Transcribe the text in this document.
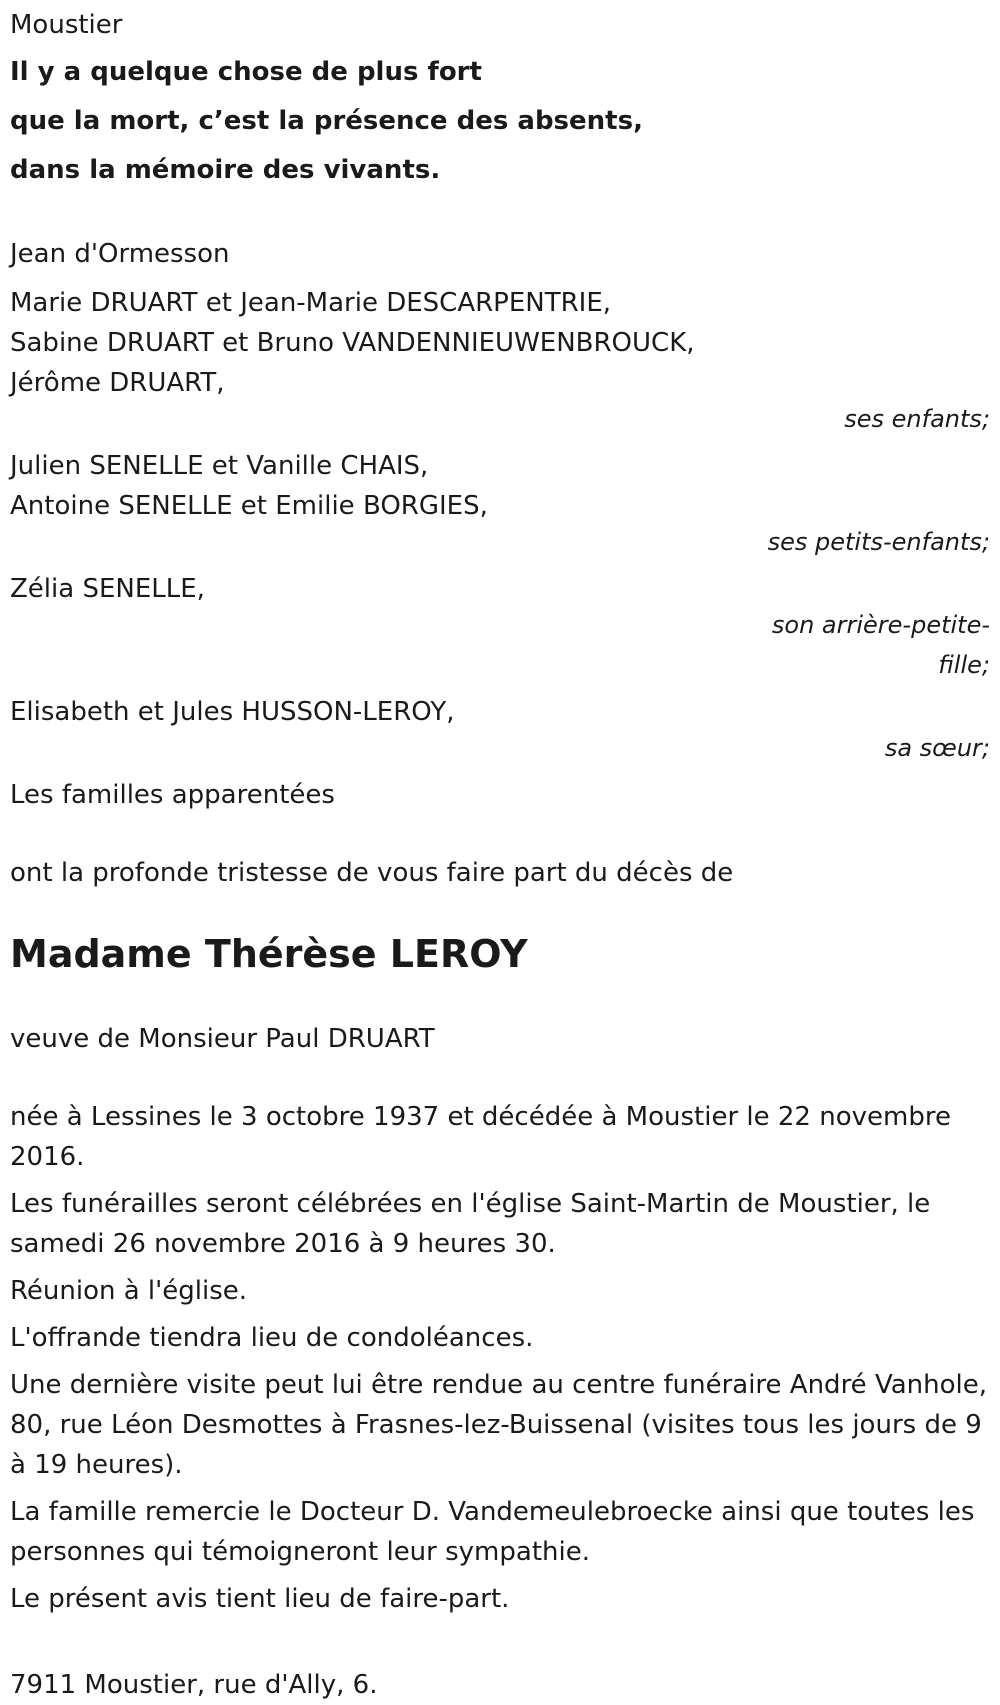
Moustier

Il y a quelque chose de plus fort

que la mort, c’est la présence des absents,

dans la mémoire des vivants.

Jean d'Ormesson

Marie DRUART et Jean-Marie DESCARPENTRIE,

Sabine DRUART et Bruno VANDENNIEUWENBROUCK,

Jérôme DRUART,

ses enfants;

Julien SENELLE et Vanille CHAIS,

Antoine SENELLE et Emilie BORGIES,

ses petits-enfants;

Zélia SENELLE,

son arrière-petite-fille;

Elisabeth et Jules HUSSON-LEROY,

sa sœur;

Les familles apparentées

ont la profonde tristesse de vous faire part du décès de

Madame Thérèse LEROY

veuve de Monsieur Paul DRUART

née à Lessines le 3 octobre 1937 et décédée à Moustier le 22 novembre 2016.

Les funérailles seront célébrées en l'église Saint-Martin de Moustier, le samedi 26 novembre 2016 à 9 heures 30.

Réunion à l'église.

L'offrande tiendra lieu de condoléances.

Une dernière visite peut lui être rendue au centre funéraire André Vanhole, 80, rue Léon Desmottes à Frasnes-lez-Buissenal (visites tous les jours de 9 à 19 heures).

La famille remercie le Docteur D. Vandemeulebroecke ainsi que toutes les personnes qui témoigneront leur sympathie.

Le présent avis tient lieu de faire-part.

7911 Moustier, rue d'Ally, 6.
